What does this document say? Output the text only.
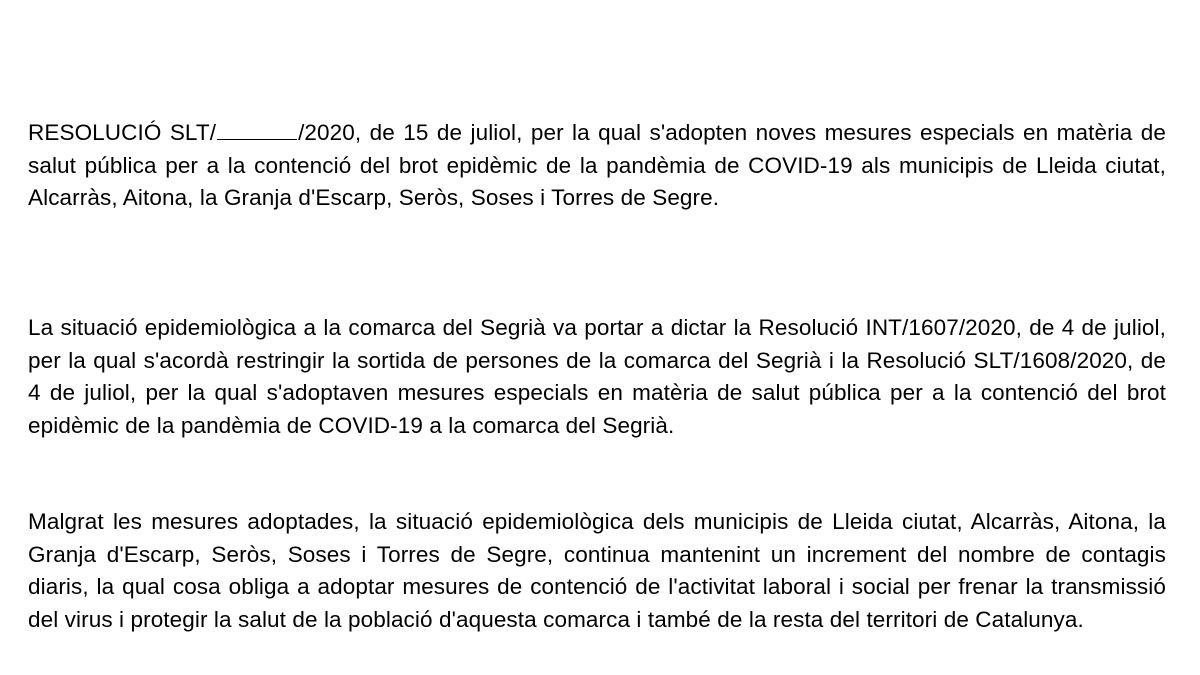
RESOLUCIÓ SLT/	/2020, de 15 de juliol, per la qual s'adopten noves mesures especials en matèria de salut pública per a la contenció del brot epidèmic de la pandèmia de COVID-19 als municipis de Lleida ciutat, Alcarràs, Aitona, la Granja d'Escarp, Seròs, Soses i Torres de Segre.

La situació epidemiològica a la comarca del Segrià va portar a dictar la Resolució INT/1607/2020, de 4 de juliol, per la qual s'acordà restringir la sortida de persones de la comarca del Segrià i la Resolució SLT/1608/2020, de 4 de juliol, per la qual s'adoptaven mesures especials en matèria de salut pública per a la contenció del brot epidèmic de la pandèmia de COVID-19 a la comarca del Segrià.

Malgrat les mesures adoptades, la situació epidemiològica dels municipis de Lleida ciutat, Alcarràs, Aitona, la Granja d'Escarp, Seròs, Soses i Torres de Segre, continua mantenint un increment del nombre de contagis diaris, la qual cosa obliga a adoptar mesures de contenció de l'activitat laboral i social per frenar la transmissió del virus i protegir la salut de la població d'aquesta comarca i també de la resta del territori de Catalunya.
